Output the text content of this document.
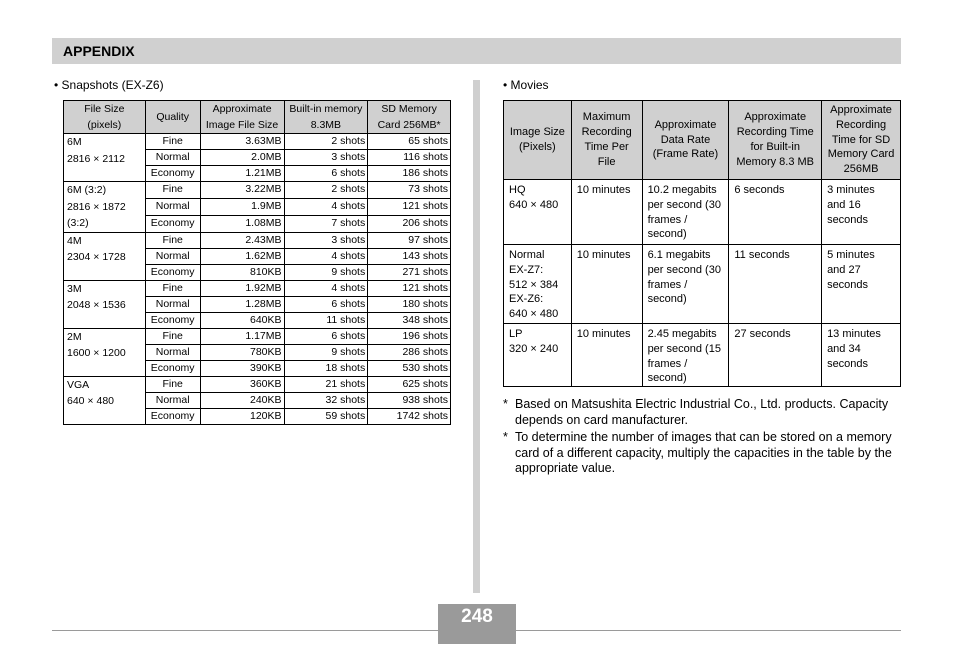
APPENDIX
• Snapshots (EX-Z6)
File Size (pixels)	Quality	Approximate Image File Size	Built-in memory 8.3MB	SD Memory Card 256MB*

6M
2816 × 2112	Fine	3.63MB	2 shots	65 shots
	Normal	2.0MB	3 shots	116 shots
	Economy	1.21MB	6 shots	186 shots

6M (3:2)
2816 × 1872
(3:2)	Fine	3.22MB	2 shots	73 shots
	Normal	1.9MB	4 shots	121 shots
	Economy	1.08MB	7 shots	206 shots

4M
2304 × 1728	Fine	2.43MB	3 shots	97 shots
	Normal	1.62MB	4 shots	143 shots
	Economy	810KB	9 shots	271 shots

3M
2048 × 1536	Fine	1.92MB	4 shots	121 shots
	Normal	1.28MB	6 shots	180 shots
	Economy	640KB	11 shots	348 shots

2M
1600 × 1200	Fine	1.17MB	6 shots	196 shots
	Normal	780KB	9 shots	286 shots
	Economy	390KB	18 shots	530 shots

VGA
640 × 480	Fine	360KB	21 shots	625 shots
	Normal	240KB	32 shots	938 shots
	Economy	120KB	59 shots	1742 shots
• Movies
Image Size (Pixels)	Maximum Recording Time Per File	Approximate Data Rate (Frame Rate)	Approximate Recording Time for Built-in Memory 8.3 MB	Approximate Recording Time for SD Memory Card 256MB
HQ
640 × 480	10 minutes	10.2 megabits per second (30 frames / second)	6 seconds	3 minutes and 16 seconds
Normal
EX-Z7:
512 × 384
EX-Z6:
640 × 480	10 minutes	6.1 megabits per second (30 frames / second)	11 seconds	5 minutes and 27 seconds
LP
320 × 240	10 minutes	2.45 megabits per second (15 frames / second)	27 seconds	13 minutes and 34 seconds
* Based on Matsushita Electric Industrial Co., Ltd. products. Capacity depends on card manufacturer.
* To determine the number of images that can be stored on a memory card of a different capacity, multiply the capacities in the table by the appropriate value.
248
